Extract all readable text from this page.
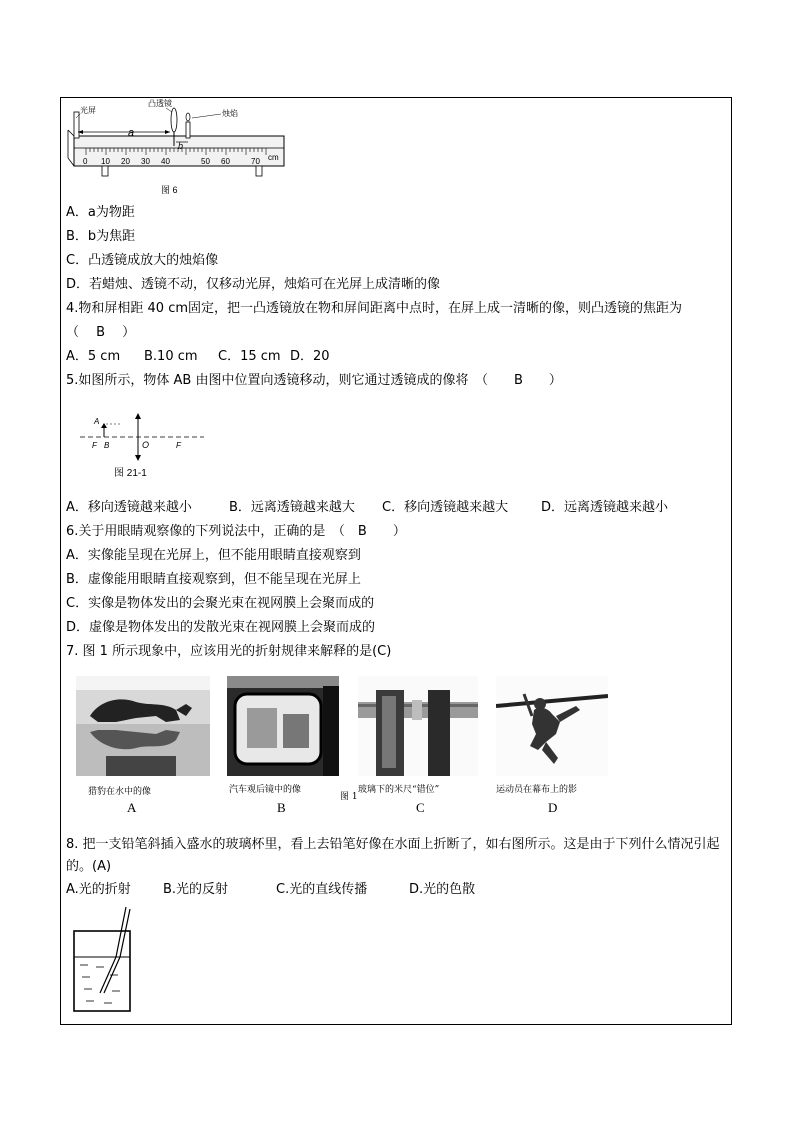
0 10 20 30 40	50 60	70 cm
光屏
凸透镜
烛焰
a
b
图 6
A．a为物距
B．b为焦距
C．凸透镜成放大的烛焰像
D．若蜡烛、透镜不动，仅移动光屏，烛焰可在光屏上成清晰的像
4.物和屏相距 40 cm固定，把一凸透镜放在物和屏间距离中点时，在屏上成一清晰的像，则凸透镜的焦距为
（　 B　 ）
A．5 cm B.10 cm C．15 cm D．20
5.如图所示，物体 AB 由图中位置向透镜移动，则它通过透镜成的像将　（　　B　　）
A
B	O
F	F
图 21-1
A．移向透镜越来越小	B．远离透镜越来越大 C．移向透镜越来越大	D．远离透镜越来越小
6.关于用眼睛观察像的下列说法中，正确的是　（　B　　）
A．实像能呈现在光屏上，但不能用眼睛直接观察到
B．虚像能用眼睛直接观察到，但不能呈现在光屏上
C．实像是物体发出的会聚光束在视网膜上会聚而成的
D．虚像是物体发出的发散光束在视网膜上会聚而成的
7. 图 1 所示现象中，应该用光的折射规律来解释的是(C)
猎豹在水中的像	汽车观后镜中的像	玻璃下的米尺“错位”	运动员在幕布上的影
图 1
A	B	C	D
8. 把一支铅笔斜插入盛水的玻璃杯里，看上去铅笔好像在水面上折断了，如右图所示。这是由于下列什么情况引起的。(A)
A.光的折射 B.光的反射	C.光的直线传播	D.光的色散
